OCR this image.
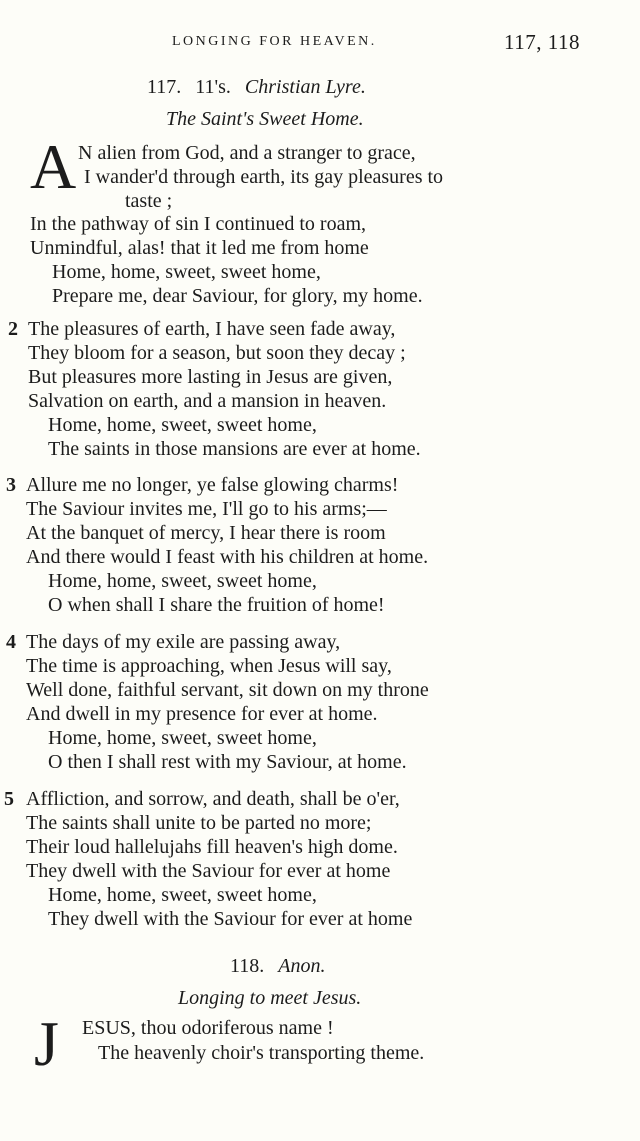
LONGING FOR HEAVEN.	117, 118
117. 11's. Christian Lyre.
The Saint's Sweet Home.
A N alien from God, and a stranger to grace,
I wander'd through earth, its gay pleasures to
taste ;
In the pathway of sin I continued to roam,
Unmindful, alas! that it led me from home
Home, home, sweet, sweet home,
Prepare me, dear Saviour, for glory, my home.
2 The pleasures of earth, I have seen fade away,
They bloom for a season, but soon they decay ;
But pleasures more lasting in Jesus are given,
Salvation on earth, and a mansion in heaven.
Home, home, sweet, sweet home,
The saints in those mansions are ever at home.
3 Allure me no longer, ye false glowing charms!
The Saviour invites me, I'll go to his arms;—
At the banquet of mercy, I hear there is room
And there would I feast with his children at home.
Home, home, sweet, sweet home,
O when shall I share the fruition of home!
4 The days of my exile are passing away,
The time is approaching, when Jesus will say,
Well done, faithful servant, sit down on my throne
And dwell in my presence for ever at home.
Home, home, sweet, sweet home,
O then I shall rest with my Saviour, at home.
5 Affliction, and sorrow, and death, shall be o'er,
The saints shall unite to be parted no more;
Their loud hallelujahs fill heaven's high dome.
They dwell with the Saviour for ever at home
Home, home, sweet, sweet home,
They dwell with the Saviour for ever at home
118. Anon.
Longing to meet Jesus.
J ESUS, thou odoriferous name !
The heavenly choir's transporting theme.
